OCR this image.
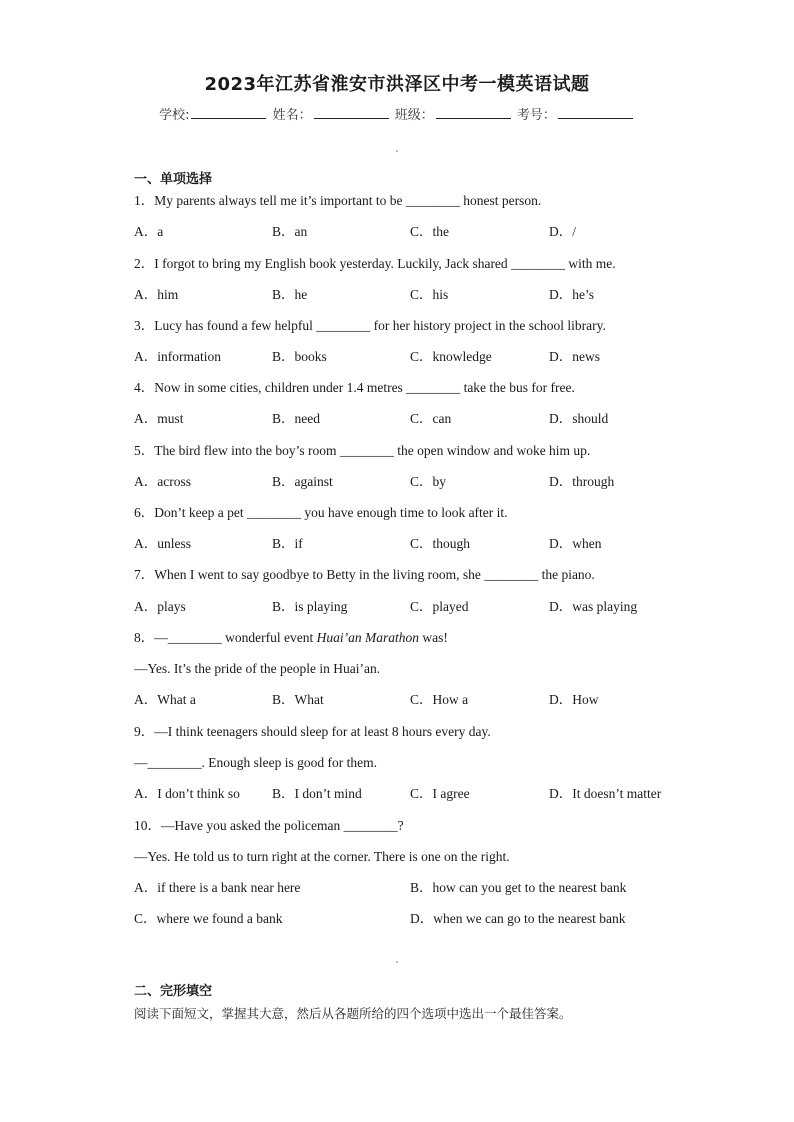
2023年江苏省淮安市洪泽区中考一模英语试题
学校:	姓名：	班级：	考号：
一、单项选择
1．My parents always tell me it’s important to be ________ honest person.
A．a	B．an	C．the	D．/
2．I forgot to bring my English book yesterday. Luckily, Jack shared ________ with me.
A．him	B．he	C．his	D．he’s
3．Lucy has found a few helpful ________ for her history project in the school library.
A．information	B．books	C．knowledge	D．news
4．Now in some cities, children under 1.4 metres ________ take the bus for free.
A．must	B．need	C．can	D．should
5．The bird flew into the boy’s room ________ the open window and woke him up.
A．across	B．against	C．by	D．through
6．Don’t keep a pet ________ you have enough time to look after it.
A．unless	B．if	C．though	D．when
7．When I went to say goodbye to Betty in the living room, she ________ the piano.
A．plays	B．is playing	C．played	D．was playing
8．—________ wonderful event Huai’an Marathon was!
—Yes. It’s the pride of the people in Huai’an.
A．What a	B．What	C．How a	D．How
9．—I think teenagers should sleep for at least 8 hours every day.
—________. Enough sleep is good for them.
A．I don’t think so B．I don’t mind	C．I agree	D．It doesn’t matter
10．—Have you asked the policeman ________?
—Yes. He told us to turn right at the corner. There is one on the right.
A．if there is a bank near here	B．how can you get to the nearest bank
C．where we found a bank	D．when we can go to the nearest bank
二、完形填空
阅读下面短文，掌握其大意，然后从各题所给的四个选项中选出一个最佳答案。
